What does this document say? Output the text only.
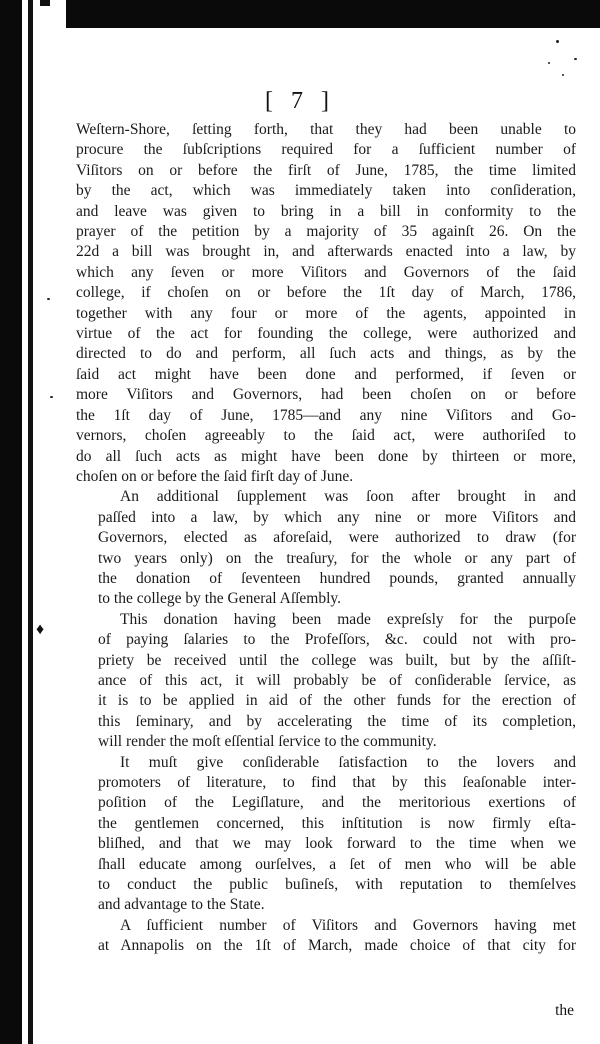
♦
[ 7 ]

Weſtern-Shore, ſetting forth, that they had been unable to
procure the ſubſcriptions required for a ſufficient number of
Viſitors on or before the firſt of June, 1785, the time limited
by the act, which was immediately taken into conſideration,
and leave was given to bring in a bill in conformity to the
prayer of the petition by a majority of 35 againſt 26. On the
22d a bill was brought in, and afterwards enacted into a law, by
which any ſeven or more Viſitors and Governors of the ſaid
college, if choſen on or before the 1ſt day of March, 1786,
together with any four or more of the agents, appointed in
virtue of the act for founding the college, were authorized and
directed to do and perform, all ſuch acts and things, as by the
ſaid act might have been done and performed, if ſeven or
more Viſitors and Governors, had been choſen on or before
the 1ſt day of June, 1785—and any nine Viſitors and Go-
vernors, choſen agreeably to the ſaid act, were authoriſed to
do all ſuch acts as might have been done by thirteen or more,
choſen on or before the ſaid firſt day of June.

An additional ſupplement was ſoon after brought in and
paſſed into a law, by which any nine or more Viſitors and
Governors, elected as aforeſaid, were authorized to draw (for
two years only) on the treaſury, for the whole or any part of
the donation of ſeventeen hundred pounds, granted annually
to the college by the General Aſſembly.

This donation having been made expreſsly for the purpoſe
of paying ſalaries to the Profeſſors, &c. could not with pro-
priety be received until the college was built, but by the aſſiſt-
ance of this act, it will probably be of conſiderable ſervice, as
it is to be applied in aid of the other funds for the erection of
this ſeminary, and by accelerating the time of its completion,
will render the moſt eſſential ſervice to the community.

It muſt give conſiderable ſatisfaction to the lovers and
promoters of literature, to find that by this ſeaſonable inter-
poſition of the Legiſlature, and the meritorious exertions of
the gentlemen concerned, this inſtitution is now firmly eſta-
bliſhed, and that we may look forward to the time when we
ſhall educate among ourſelves, a ſet of men who will be able
to conduct the public buſineſs, with reputation to themſelves
and advantage to the State.

A ſufficient number of Viſitors and Governors having met
at Annapolis on the 1ſt of March, made choice of that city for

the
